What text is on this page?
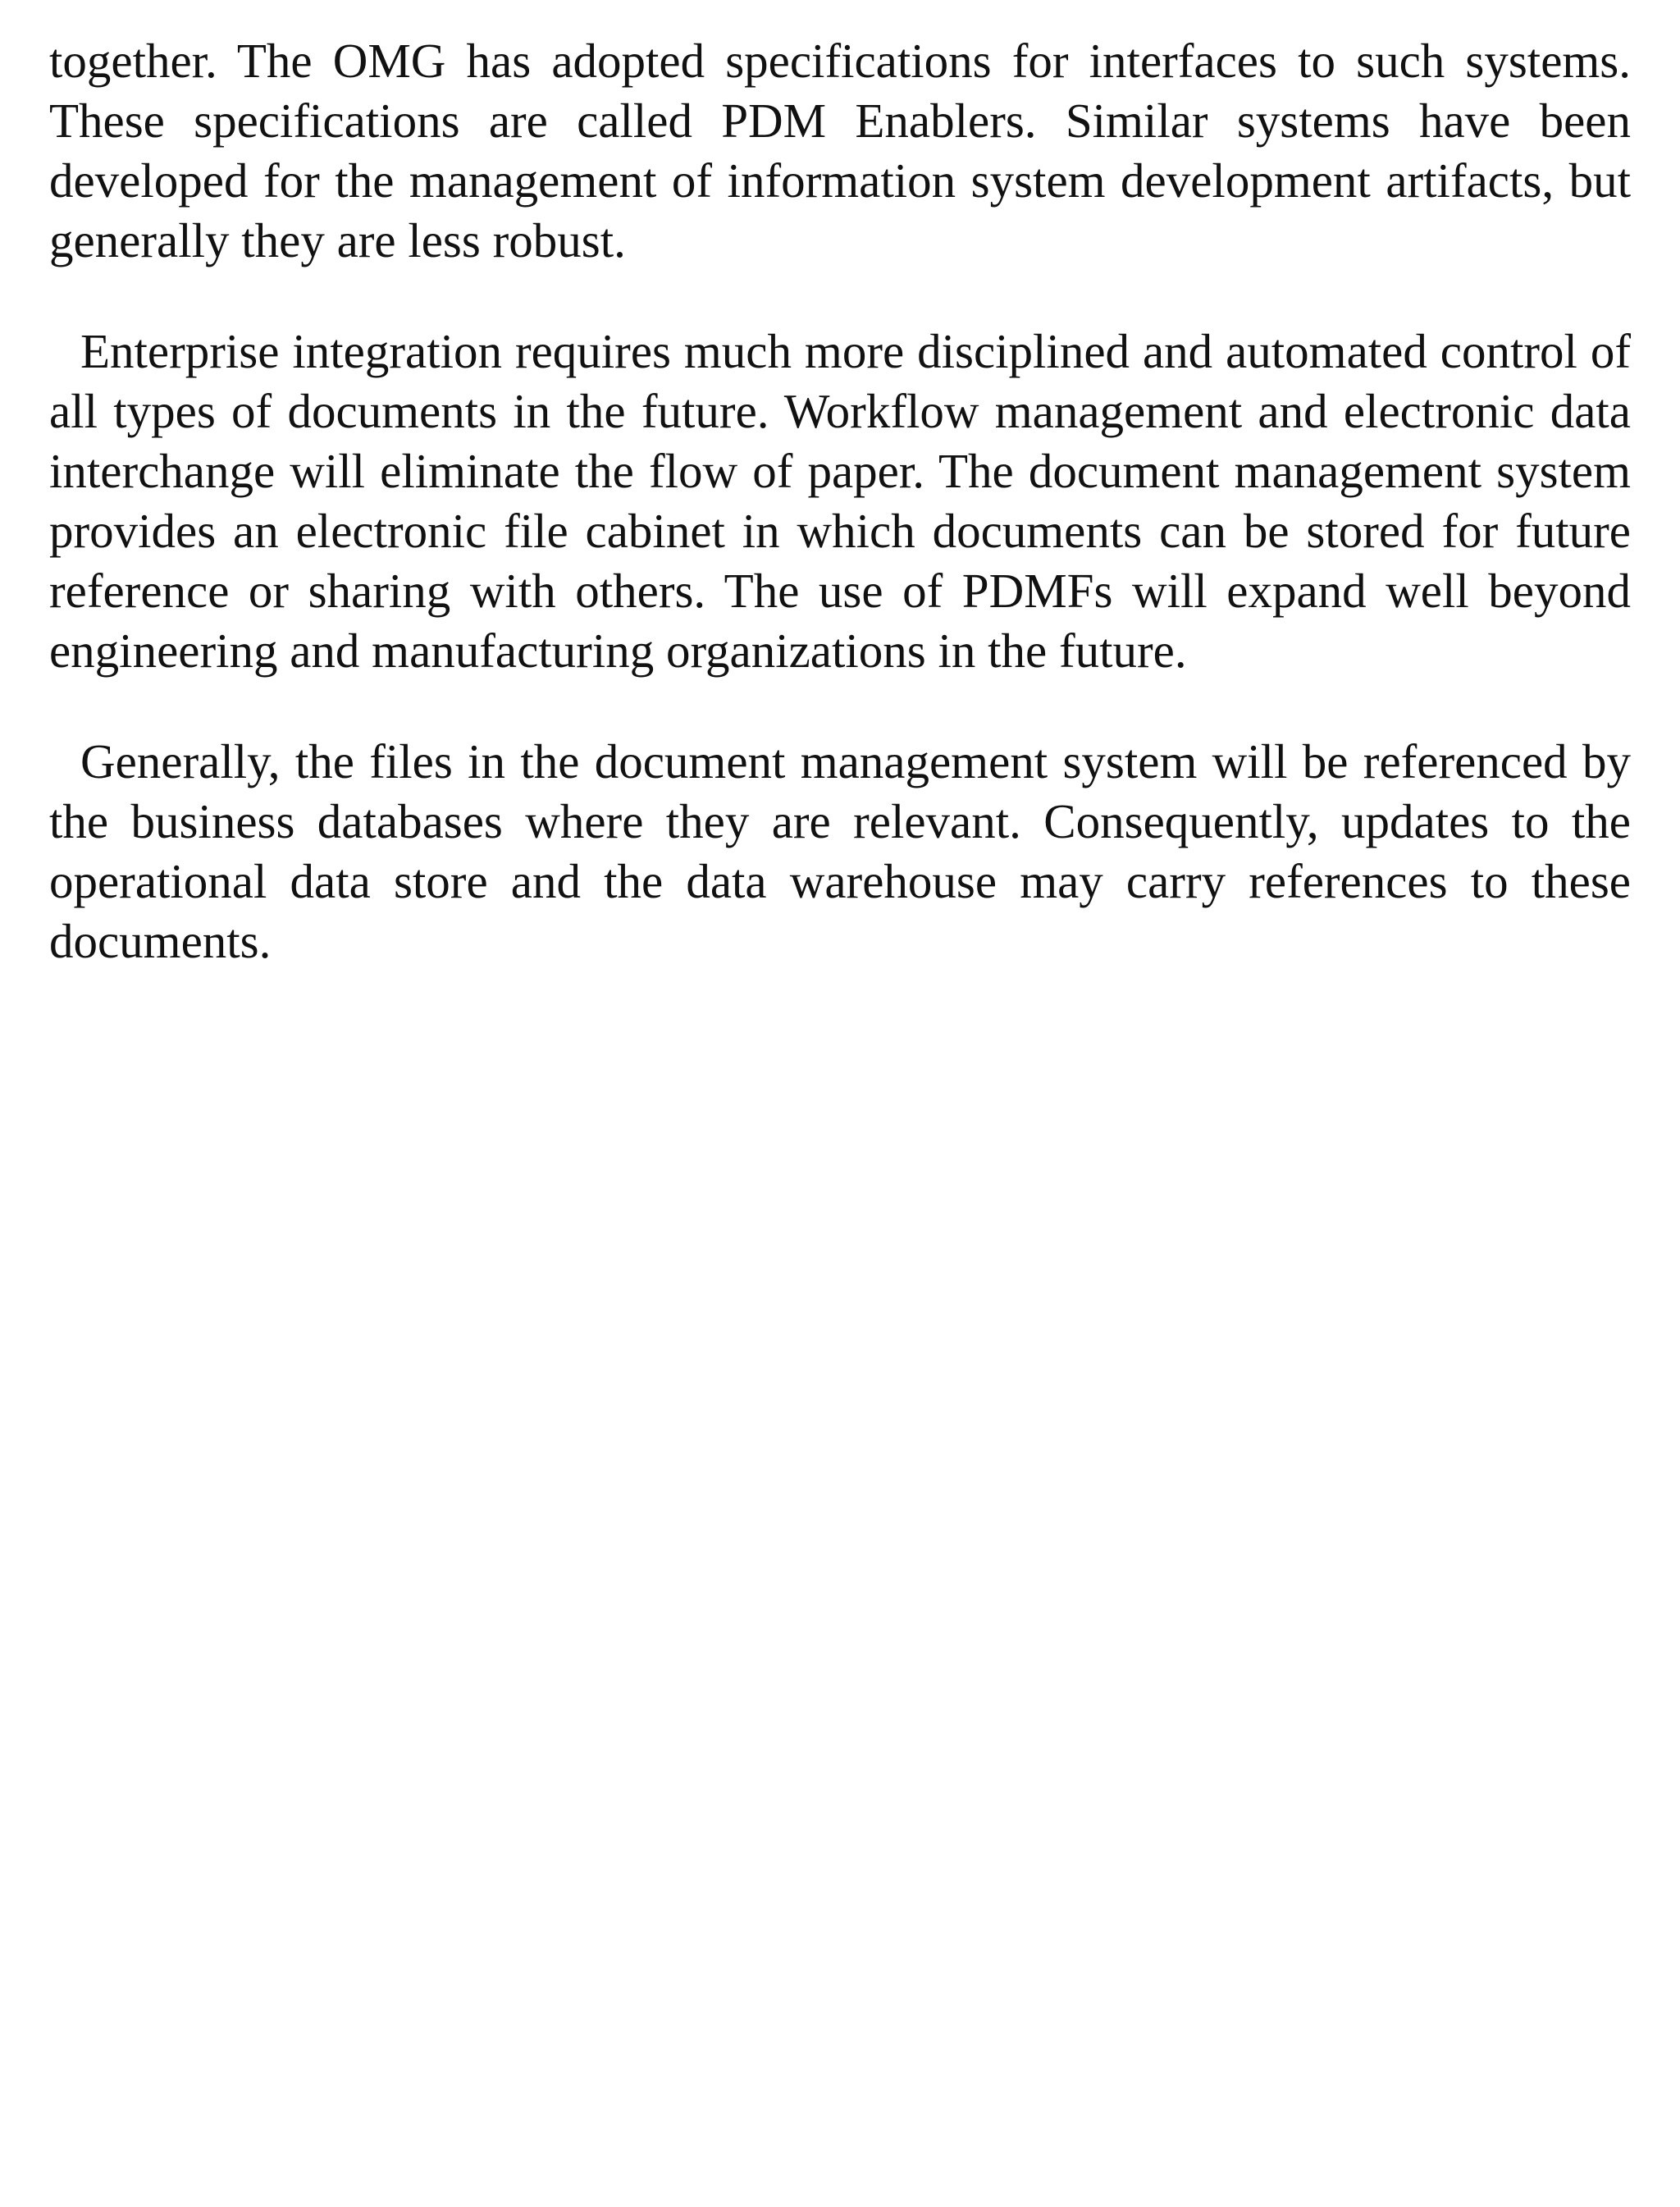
together. The OMG has adopted specifications for interfaces to such systems. These specifications are called PDM Enablers. Similar systems have been developed for the management of information system development artifacts, but generally they are less robust.

Enterprise integration requires much more disciplined and automated control of all types of documents in the future. Workflow management and electronic data interchange will eliminate the flow of paper. The document management system provides an electronic file cabinet in which documents can be stored for future reference or sharing with others. The use of PDMFs will expand well beyond engineering and manufacturing organizations in the future.

Generally, the files in the document management system will be referenced by the business databases where they are relevant. Consequently, updates to the operational data store and the data warehouse may carry references to these documents.
